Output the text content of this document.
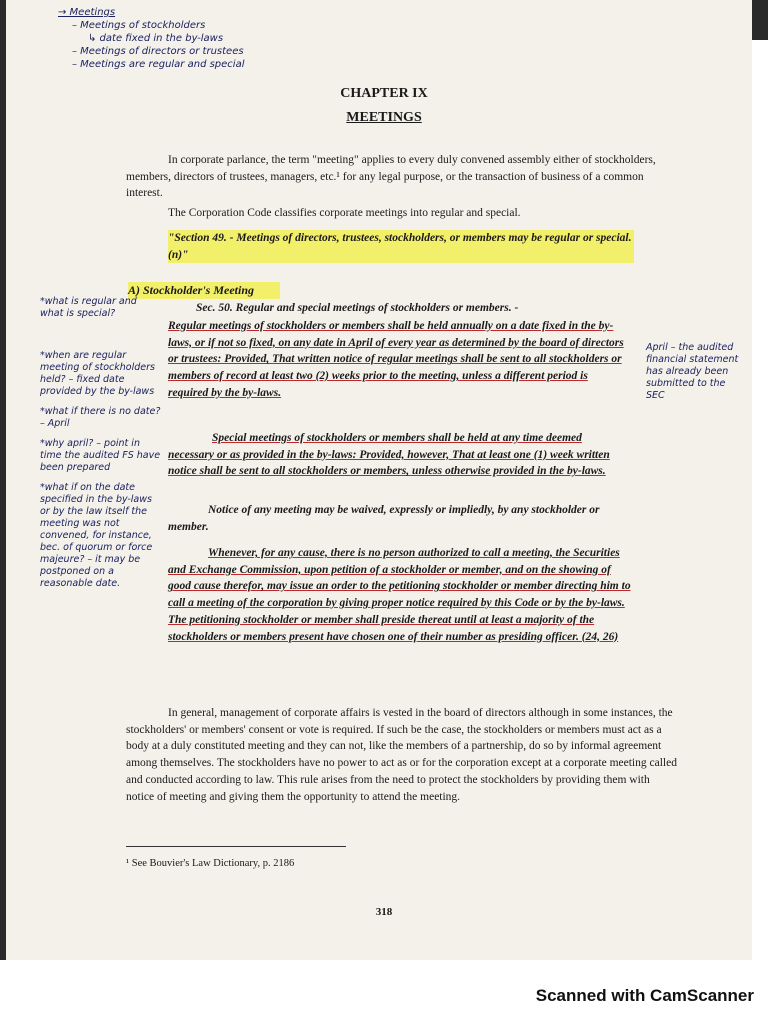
→ Meetings
– Meetings of stockholders
↳ date fixed in the by-laws
– Meetings of directors or trustees
– Meetings are regular and special
CHAPTER IX
MEETINGS
In corporate parlance, the term "meeting" applies to every duly convened assembly either of stockholders, members, directors of trustees, managers, etc.¹ for any legal purpose, or the transaction of business of a common interest.
The Corporation Code classifies corporate meetings into regular and special.
"Section 49. - Meetings of directors, trustees, stockholders, or members may be regular or special. (n)"
A) Stockholder's Meeting
Sec. 50. Regular and special meetings of stockholders or members. -
Regular meetings of stockholders or members shall be held annually on a date fixed in the by-laws, or if not so fixed, on any date in April of every year as determined by the board of directors or trustees: Provided, That written notice of regular meetings shall be sent to all stockholders or members of record at least two (2) weeks prior to the meeting, unless a different period is required by the by-laws.
Special meetings of stockholders or members shall be held at any time deemed necessary or as provided in the by-laws: Provided, however, That at least one (1) week written notice shall be sent to all stockholders or members, unless otherwise provided in the by-laws.
Notice of any meeting may be waived, expressly or impliedly, by any stockholder or member.
Whenever, for any cause, there is no person authorized to call a meeting, the Securities and Exchange Commission, upon petition of a stockholder or member, and on the showing of good cause therefor, may issue an order to the petitioning stockholder or member directing him to call a meeting of the corporation by giving proper notice required by this Code or by the by-laws. The petitioning stockholder or member shall preside thereat until at least a majority of the stockholders or members present have chosen one of their number as presiding officer. (24, 26)
In general, management of corporate affairs is vested in the board of directors although in some instances, the stockholders' or members' consent or vote is required. If such be the case, the stockholders or members must act as a body at a duly constituted meeting and they can not, like the members of a partnership, do so by informal agreement among themselves. The stockholders have no power to act as or for the corporation except at a corporate meeting called and conducted according to law. This rule arises from the need to protect the stockholders by providing them with notice of meeting and giving them the opportunity to attend the meeting.
¹ See Bouvier's Law Dictionary, p. 2186
318
*what is regular and what is special?
*when are regular meeting of stockholders held? – fixed date provided by the by-laws
*what if there is no date? – April
*why april? – point in time the audited FS have been prepared
*what if on the date specified in the by-laws or by the law itself the meeting was not convened, for instance, bec. of quorum or force majeure? – it may be postponed on a reasonable date.
April – the audited financial statement has already been submitted to the SEC
Scanned with CamScanner
